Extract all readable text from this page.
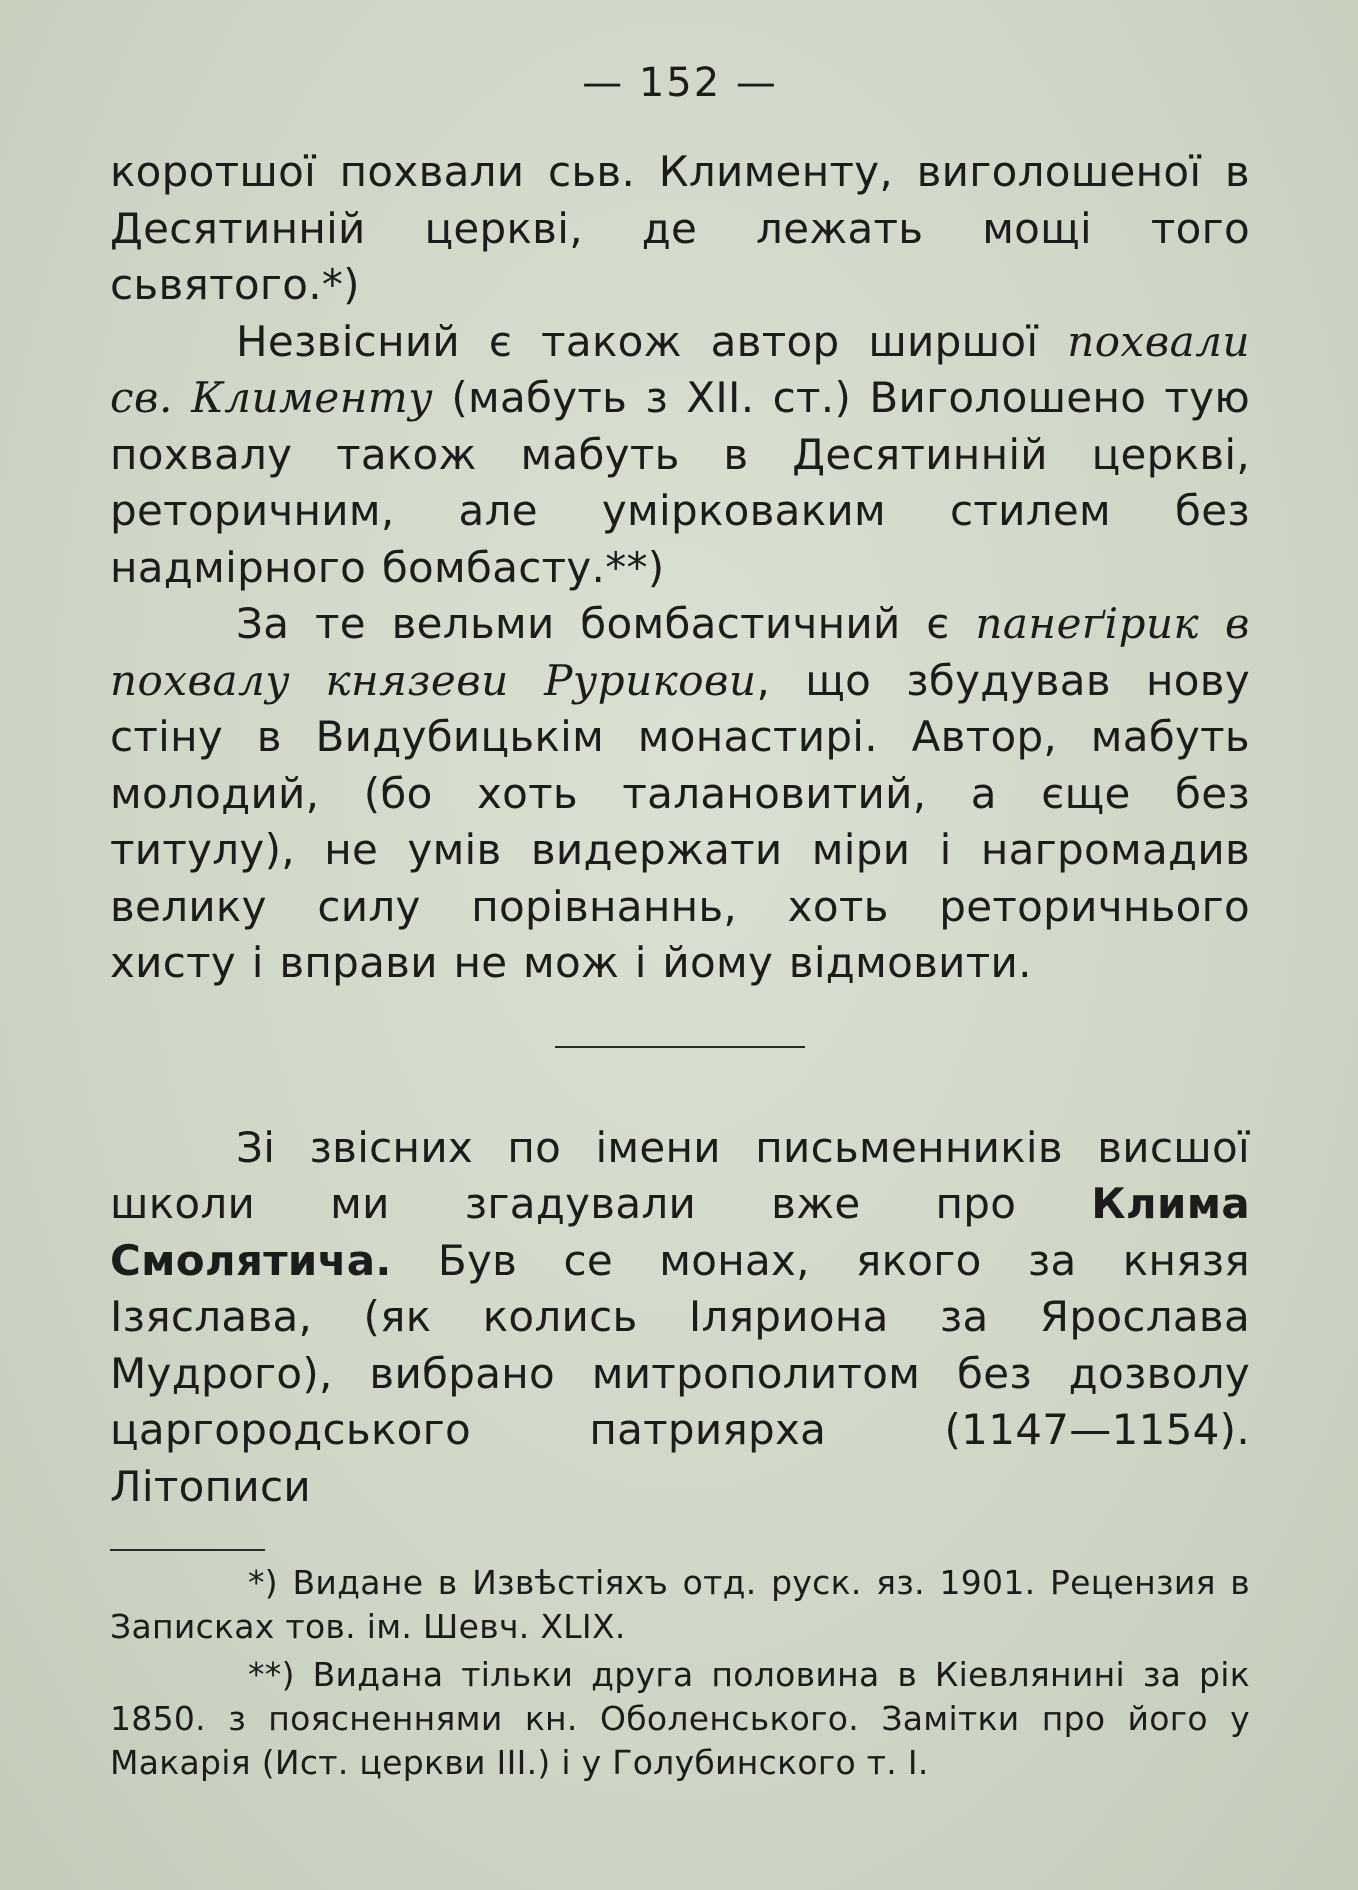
— 152 —

коротшої похвали сьв. Клименту, виголошеної в Десятинній церкві, де лежать мощі того сьвятого.*)

Незвісний є також автор ширшої похвали св. Клименту (мабуть з XII. ст.) Виголошено тую похвалу також мабуть в Десятинній церкві, реторичним, але умірковаким стилем без надмірного бомбасту.**)

За те вельми бомбастичний є панеґірик в похвалу князеви Рурикови, що збудував нову стіну в Видубицькім монастирі. Автор, мабуть молодий, (бо хоть талановитий, а єще без титулу), не умів видержати міри і нагромадив велику силу порівнаннь, хоть реторичнього хисту і вправи не мож і йому відмовити.

Зі звісних по імени письменників висшої школи ми згадували вже про Клима Смолятича. Був се монах, якого за князя Ізяслава, (як колись Іляриона за Ярослава Мудрого), вибрано митрополитом без дозволу царгородського патриярха (1147—1154). Літописи

*) Видане в Извѣстіяхъ отд. руск. яз. 1901. Рецензия в Записках тов. ім. Шевч. XLIX.

**) Видана тільки друга половина в Кіевлянині за рік 1850. з поясненнями кн. Оболенського. Замітки про його у Макарія (Ист. церкви III.) і у Голубинского т. І.
